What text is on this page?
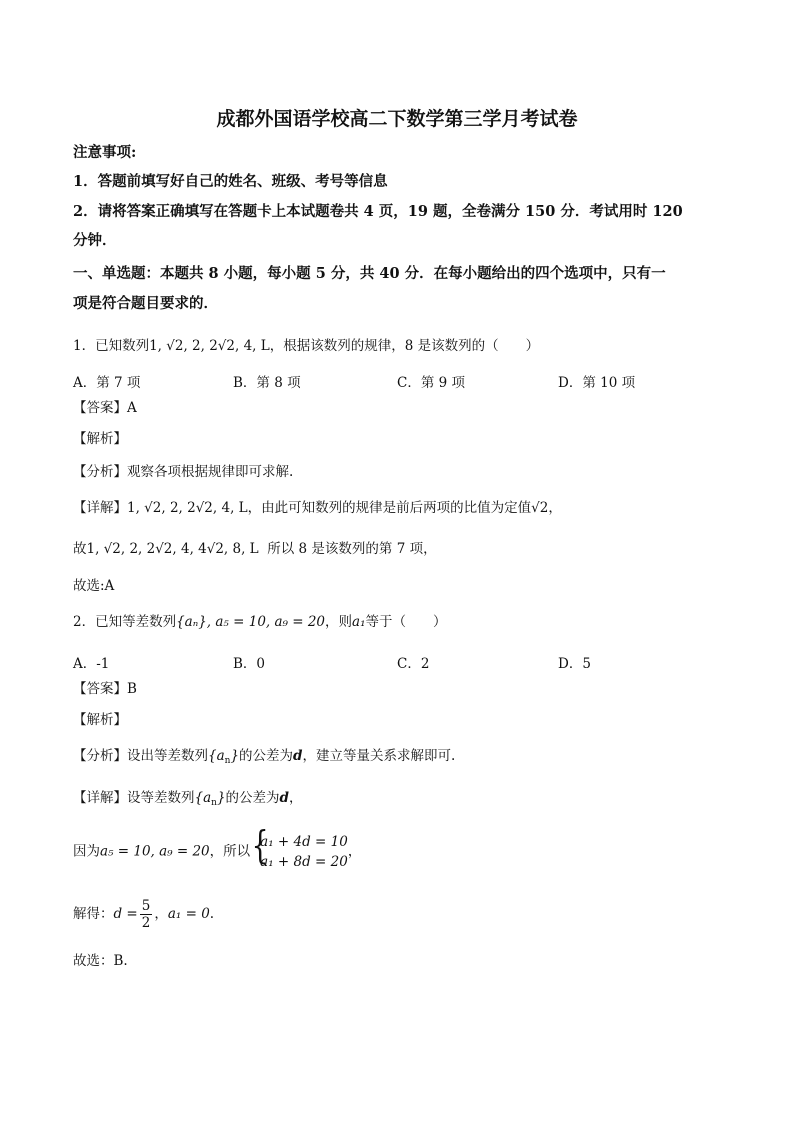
成都外国语学校高二下数学第三学月考试卷
注意事项:
1．答题前填写好自己的姓名、班级、考号等信息
2．请将答案正确填写在答题卡上本试题卷共 4 页，19 题，全卷满分 150 分．考试用时 120
分钟．
一、单选题：本题共 8 小题，每小题 5 分，共 40 分．在每小题给出的四个选项中，只有一
项是符合题目要求的．
1．已知数列1, √2, 2, 2√2, 4, L，根据该数列的规律，8 是该数列的（　　）
A．第 7 项	B．第 8 项	C．第 9 项	D．第 10 项
【答案】A
【解析】
【分析】观察各项根据规律即可求解.
【详解】1, √2, 2, 2√2, 4, L，由此可知数列的规律是前后两项的比值为定值√2，
故1, √2, 2, 2√2, 4, 4√2, 8, L 所以 8 是该数列的第 7 项，
故选:A
2．已知等差数列{aₙ}, a₅ = 10, a₉ = 20，则a₁等于（　　）
A．-1	B．0	C．2	D．5
【答案】B
【解析】
【分析】设出等差数列$\{a_n\}$的公差为d，建立等量关系求解即可.
【详解】设等差数列$\{a_n\}$的公差为d，
因为a₅ = 10, a₉ = 20，所以 {
a₁ + 4d = 10
a₁ + 8d = 20
，
解得：$d = \frac{5}{2}$ ，a₁ = 0.
故选：B.
